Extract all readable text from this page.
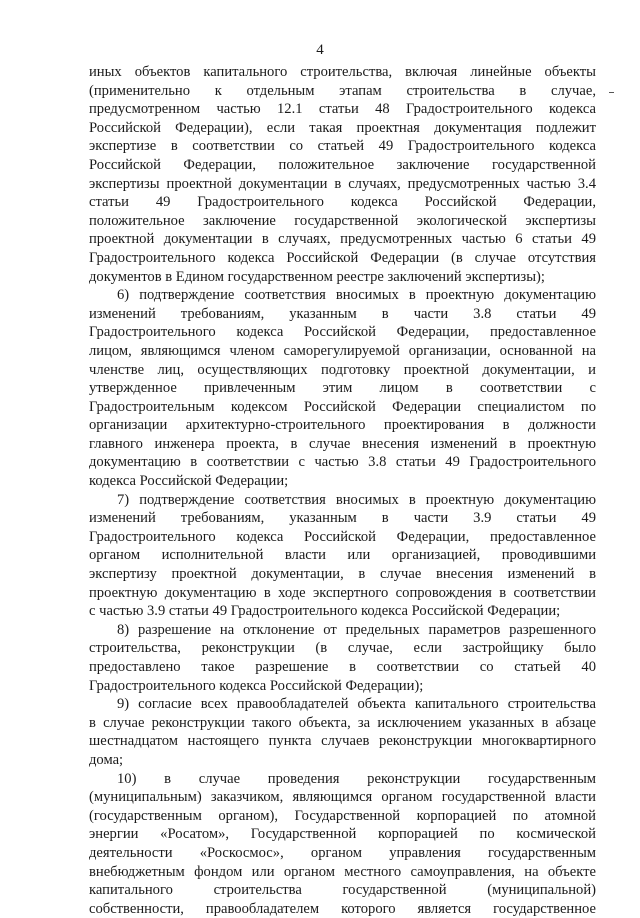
4
иных объектов капитального строительства, включая линейные объекты
(применительно к отдельным этапам строительства в случае,
предусмотренном частью 12.1 статьи 48 Градостроительного кодекса
Российской Федерации), если такая проектная документация подлежит
экспертизе в соответствии со статьей 49 Градостроительного кодекса
Российской Федерации, положительное заключение государственной
экспертизы проектной документации в случаях, предусмотренных частью 3.4
статьи 49 Градостроительного кодекса Российской Федерации,
положительное заключение государственной экологической экспертизы
проектной документации в случаях, предусмотренных частью 6 статьи 49
Градостроительного кодекса Российской Федерации (в случае отсутствия
документов в Едином государственном реестре заключений экспертизы);
6) подтверждение соответствия вносимых в проектную документацию
изменений требованиям, указанным в части 3.8 статьи 49
Градостроительного кодекса Российской Федерации, предоставленное
лицом, являющимся членом саморегулируемой организации, основанной на
членстве лиц, осуществляющих подготовку проектной документации, и
утвержденное привлеченным этим лицом в соответствии с
Градостроительным кодексом Российской Федерации специалистом по
организации архитектурно-строительного проектирования в должности
главного инженера проекта, в случае внесения изменений в проектную
документацию в соответствии с частью 3.8 статьи 49 Градостроительного
кодекса Российской Федерации;
7) подтверждение соответствия вносимых в проектную документацию
изменений требованиям, указанным в части 3.9 статьи 49
Градостроительного кодекса Российской Федерации, предоставленное
органом исполнительной власти или организацией, проводившими
экспертизу проектной документации, в случае внесения изменений в
проектную документацию в ходе экспертного сопровождения в соответствии
с частью 3.9 статьи 49 Градостроительного кодекса Российской Федерации;
8) разрешение на отклонение от предельных параметров разрешенного
строительства, реконструкции (в случае, если застройщику было
предоставлено такое разрешение в соответствии со статьей 40
Градостроительного кодекса Российской Федерации);
9) согласие всех правообладателей объекта капитального строительства
в случае реконструкции такого объекта, за исключением указанных в абзаце
шестнадцатом настоящего пункта случаев реконструкции многоквартирного
дома;
10) в случае проведения реконструкции государственным
(муниципальным) заказчиком, являющимся органом государственной власти
(государственным органом), Государственной корпорацией по атомной
энергии «Росатом», Государственной корпорацией по космической
деятельности «Роскосмос», органом управления государственным
внебюджетным фондом или органом местного самоуправления, на объекте
капитального строительства государственной (муниципальной)
собственности, правообладателем которого является государственное
